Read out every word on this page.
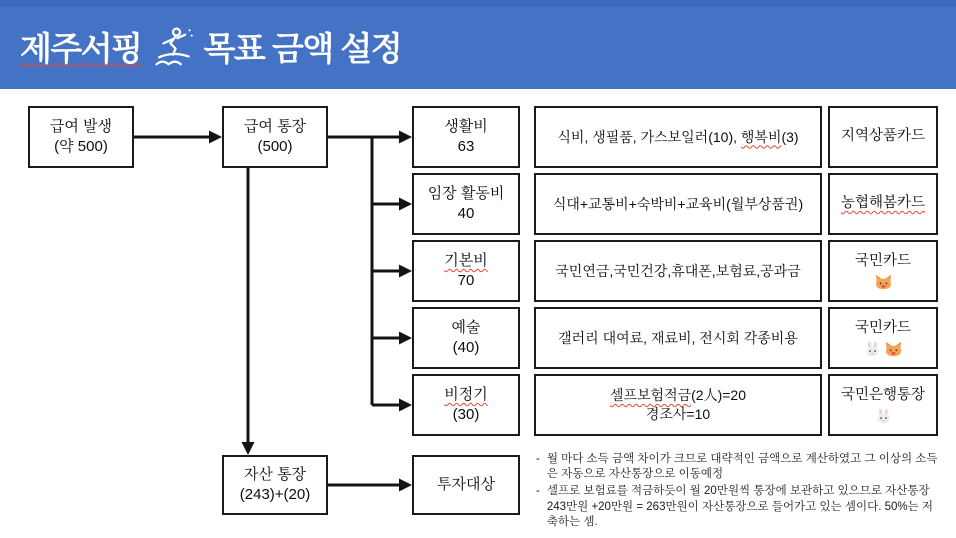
제주서핑 목표 금액 설정
급여 발생
(약 500)
급여 통장
(500)
생활비
63
식비, 생필품, 가스보일러(10), 행복비(3)	지역상품카드
임장 활동비
40
식대+교통비+숙박비+교육비(월부상품권)	농협해봄카드
기본비
70
국민연금,국민건강,휴대폰,보험료,공과금
국민카드
예술
(40)
갤러리 대여료, 재료비, 전시회 각종비용
국민카드
비정기
(30)
셀프보험적금(2人)=20
경조사=10
국민은행통장
자산 통장
(243)+(20)
투자대상
- 월 마다 소득 금액 차이가 크므로 대략적인 금액으로 계산하였고 그 이상의 소득은 자동으로 자산통장으로 이동예정
- 셀프로 보험료를 적금하듯이 월 20만원씩 통장에 보관하고 있으므로 자산통장 243만원 +20만원 = 263만원이 자산통장으로 들어가고 있는 셈이다. 50%는 저축하는 셈.
